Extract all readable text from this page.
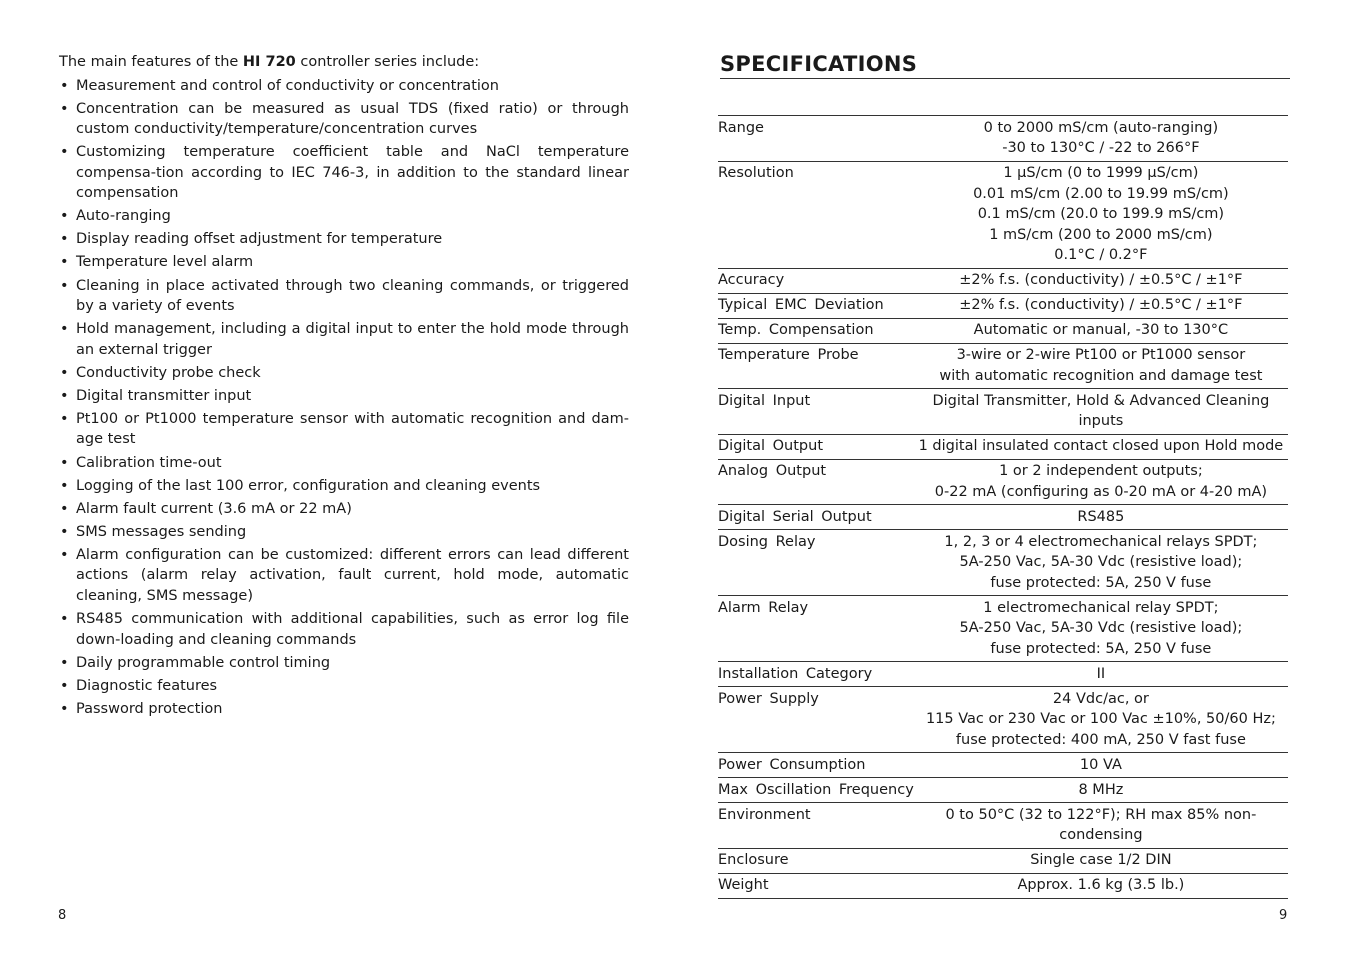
The main features of the HI 720 controller series include:

• Measurement and control of conductivity or concentration
• Concentration can be measured as usual TDS (fixed ratio) or through custom conductivity/temperature/concentration curves
• Customizing temperature coefficient table and NaCl temperature compensa-tion according to IEC 746-3, in addition to the standard linear compensation
• Auto-ranging
• Display reading offset adjustment for temperature
• Temperature level alarm
• Cleaning in place activated through two cleaning commands, or triggered by a variety of events
• Hold management, including a digital input to enter the hold mode through an external trigger
• Conductivity probe check
• Digital transmitter input
• Pt100 or Pt1000 temperature sensor with automatic recognition and dam-age test
• Calibration time-out
• Logging of the last 100 error, configuration and cleaning events
• Alarm fault current (3.6 mA or 22 mA)
• SMS messages sending
• Alarm configuration can be customized: different errors can lead different actions (alarm relay activation, fault current, hold mode, automatic cleaning, SMS message)
• RS485 communication with additional capabilities, such as error log file down-loading and cleaning commands
• Daily programmable control timing
• Diagnostic features
• Password protection
SPECIFICATIONS
Range	0 to 2000 mS/cm (auto-ranging)
-30 to 130°C / -22 to 266°F
Resolution	1 μS/cm (0 to 1999 μS/cm)
0.01 mS/cm (2.00 to 19.99 mS/cm)
0.1 mS/cm (20.0 to 199.9 mS/cm)
1 mS/cm (200 to 2000 mS/cm)
0.1°C / 0.2°F
Accuracy	±2% f.s. (conductivity) / ±0.5°C / ±1°F
Typical EMC Deviation	±2% f.s. (conductivity) / ±0.5°C / ±1°F
Temp. Compensation	Automatic or manual, -30 to 130°C
Temperature Probe	3-wire or 2-wire Pt100 or Pt1000 sensor
with automatic recognition and damage test
Digital Input	Digital Transmitter, Hold & Advanced Cleaning inputs
Digital Output	1 digital insulated contact closed upon Hold mode
Analog Output	1 or 2 independent outputs;
0-22 mA (configuring as 0-20 mA or 4-20 mA)
Digital Serial Output	RS485
Dosing Relay	1, 2, 3 or 4 electromechanical relays SPDT;
5A-250 Vac, 5A-30 Vdc (resistive load);
fuse protected: 5A, 250 V fuse
Alarm Relay	1 electromechanical relay SPDT;
5A-250 Vac, 5A-30 Vdc (resistive load);
fuse protected: 5A, 250 V fuse
Installation Category	II
Power Supply	24 Vdc/ac, or
115 Vac or 230 Vac or 100 Vac ±10%, 50/60 Hz;
fuse protected: 400 mA, 250 V fast fuse
Power Consumption	10 VA
Max Oscillation Frequency	8 MHz
Environment	0 to 50°C (32 to 122°F); RH max 85% non-condensing
Enclosure	Single case 1/2 DIN
Weight	Approx. 1.6 kg (3.5 lb.)
8	9
